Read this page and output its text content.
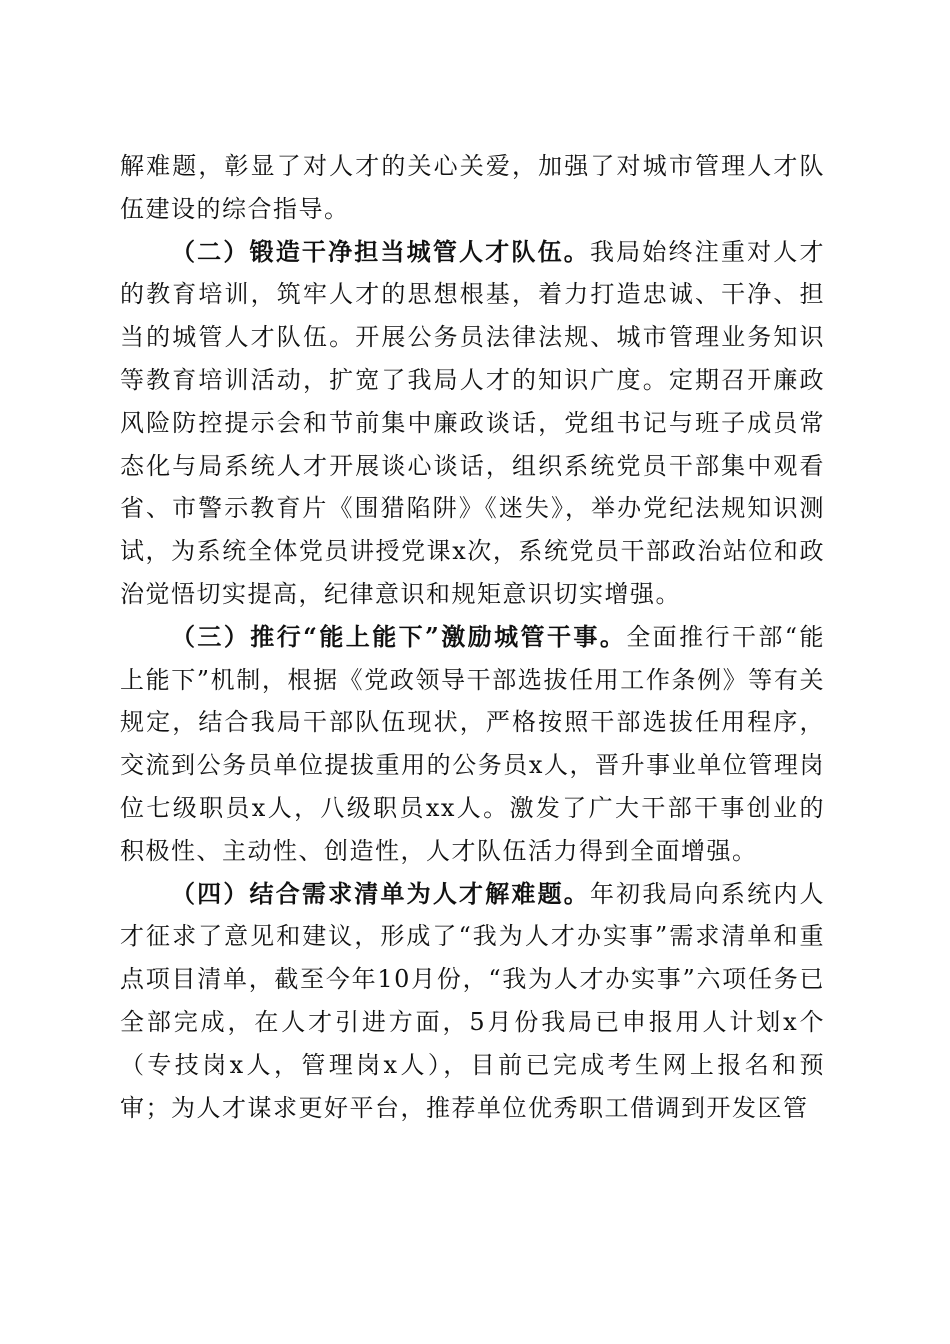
解难题，彰显了对人才的关心关爱，加强了对城市管理人才队伍建设的综合指导。

（二）锻造干净担当城管人才队伍。我局始终注重对人才的教育培训，筑牢人才的思想根基，着力打造忠诚、干净、担当的城管人才队伍。开展公务员法律法规、城市管理业务知识等教育培训活动，扩宽了我局人才的知识广度。定期召开廉政风险防控提示会和节前集中廉政谈话，党组书记与班子成员常态化与局系统人才开展谈心谈话，组织系统党员干部集中观看省、市警示教育片《围猎陷阱》《迷失》，举办党纪法规知识测试，为系统全体党员讲授党课x次，系统党员干部政治站位和政治觉悟切实提高，纪律意识和规矩意识切实增强。

（三）推行“能上能下”激励城管干事。全面推行干部“能上能下”机制，根据《党政领导干部选拔任用工作条例》等有关规定，结合我局干部队伍现状，严格按照干部选拔任用程序，交流到公务员单位提拔重用的公务员x人，晋升事业单位管理岗位七级职员x人，八级职员xx人。激发了广大干部干事创业的积极性、主动性、创造性，人才队伍活力得到全面增强。

（四）结合需求清单为人才解难题。年初我局向系统内人才征求了意见和建议，形成了“我为人才办实事”需求清单和重点项目清单，截至今年10月份，“我为人才办实事”六项任务已全部完成，在人才引进方面，5月份我局已申报用人计划x个（专技岗x人，管理岗x人），目前已完成考生网上报名和预审；为人才谋求更好平台，推荐单位优秀职工借调到开发区管
